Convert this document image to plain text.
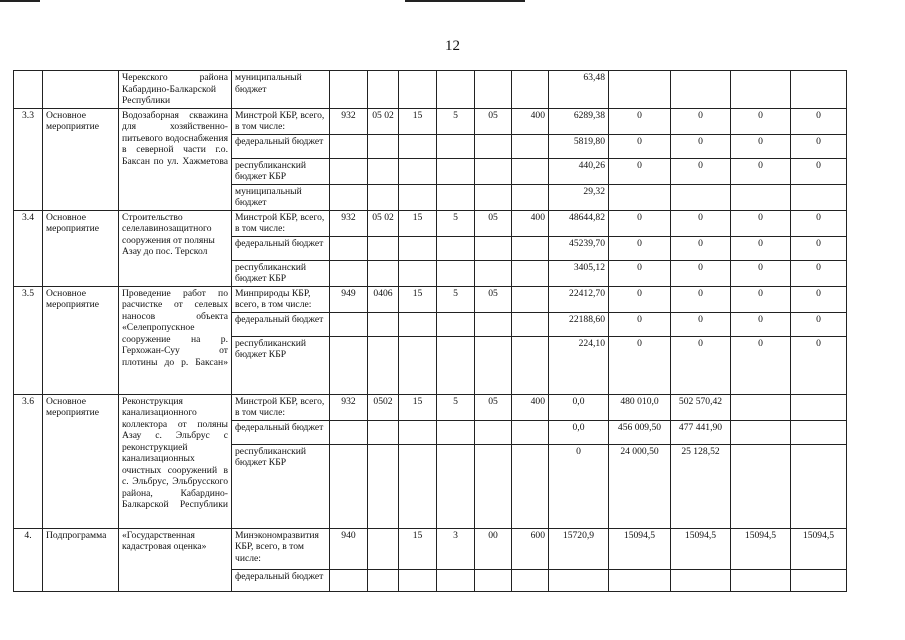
12
		Черекского района Кабардино-Балкарской Республики	муниципальный бюджет							63,48				
3.3	Основное мероприятие	Водозаборная скважина для хозяйственно-питьевого водоснабжения в северной части г.о. Баксан по ул. Хажметова	Минстрой КБР, всего, в том числе:	932	05 02	15	5	05	400	6289,38	0	0	0	0
			федеральный бюджет							5819,80	0	0	0	0
			республиканский бюджет КБР							440,26	0	0	0	0
			муниципальный бюджет							29,32				
3.4	Основное мероприятие	Строительство селелавинозащитного сооружения от поляны Азау до пос. Терскол	Минстрой КБР, всего, в том числе:	932	05 02	15	5	05	400	48644,82	0	0	0	0
			федеральный бюджет							45239,70	0	0	0	0
			республиканский бюджет КБР							3405,12	0	0	0	0
3.5	Основное мероприятие	Проведение работ по расчистке от селевых наносов объекта «Селепропускное сооружение на р. Герхожан-Суу от плотины до р. Баксан»	Минприроды КБР, всего, в том числе:	949	0406	15	5	05		22412,70	0	0	0	0
			федеральный бюджет							22188,60	0	0	0	0
			республиканский бюджет КБР							224,10	0	0	0	0
3.6	Основное мероприятие	Реконструкция канализационного коллектора от поляны Азау с. Эльбрус с реконструкцией канализационных очистных сооружений в с. Эльбрус, Эльбрусского района, Кабардино-Балкарской Республики	Минстрой КБР, всего, в том числе:	932	0502	15	5	05	400	0,0	480 010,0	502 570,42		
			федеральный бюджет							0,0	456 009,50	477 441,90		
			республиканский бюджет КБР							0	24 000,50	25 128,52		
4.	Подпрограмма	«Государственная кадастровая оценка»	Минэкономразвития КБР, всего, в том числе:	940		15	3	00	600	15720,9	15094,5	15094,5	15094,5	15094,5
			федеральный бюджет											
